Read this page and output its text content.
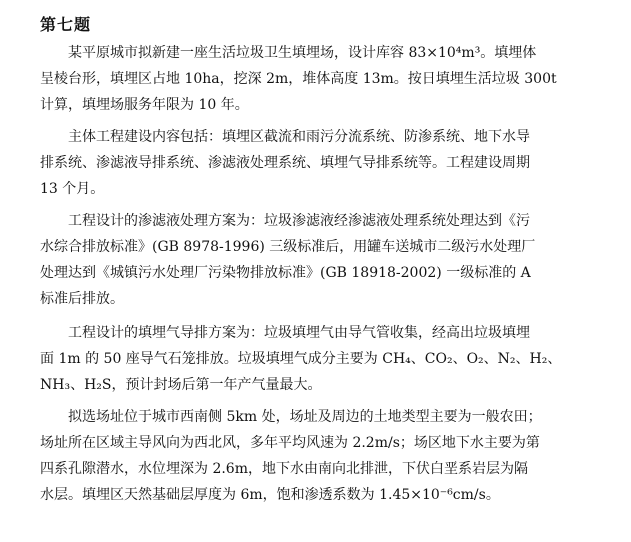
第七题
某平原城市拟新建一座生活垃圾卫生填埋场，设计库容 83×10⁴m³。填埋体
呈棱台形，填埋区占地 10ha，挖深 2m，堆体高度 13m。按日填埋生活垃圾 300t
计算，填埋场服务年限为 10 年。
主体工程建设内容包括：填埋区截流和雨污分流系统、防渗系统、地下水导
排系统、渗滤液导排系统、渗滤液处理系统、填埋气导排系统等。工程建设周期
13 个月。
工程设计的渗滤液处理方案为：垃圾渗滤液经渗滤液处理系统处理达到《污
水综合排放标准》(GB 8978-1996) 三级标准后，用罐车送城市二级污水处理厂
处理达到《城镇污水处理厂污染物排放标准》(GB 18918-2002) 一级标准的 A
标准后排放。
工程设计的填埋气导排方案为：垃圾填埋气由导气管收集，经高出垃圾填埋
面 1m 的 50 座导气石笼排放。垃圾填埋气成分主要为 CH₄、CO₂、O₂、N₂、H₂、
NH₃、H₂S，预计封场后第一年产气量最大。
拟选场址位于城市西南侧 5km 处，场址及周边的土地类型主要为一般农田；
场址所在区域主导风向为西北风，多年平均风速为 2.2m/s；场区地下水主要为第
四系孔隙潜水，水位埋深为 2.6m，地下水由南向北排泄，下伏白垩系岩层为隔
水层。填埋区天然基础层厚度为 6m，饱和渗透系数为 1.45×10⁻⁶cm/s。
